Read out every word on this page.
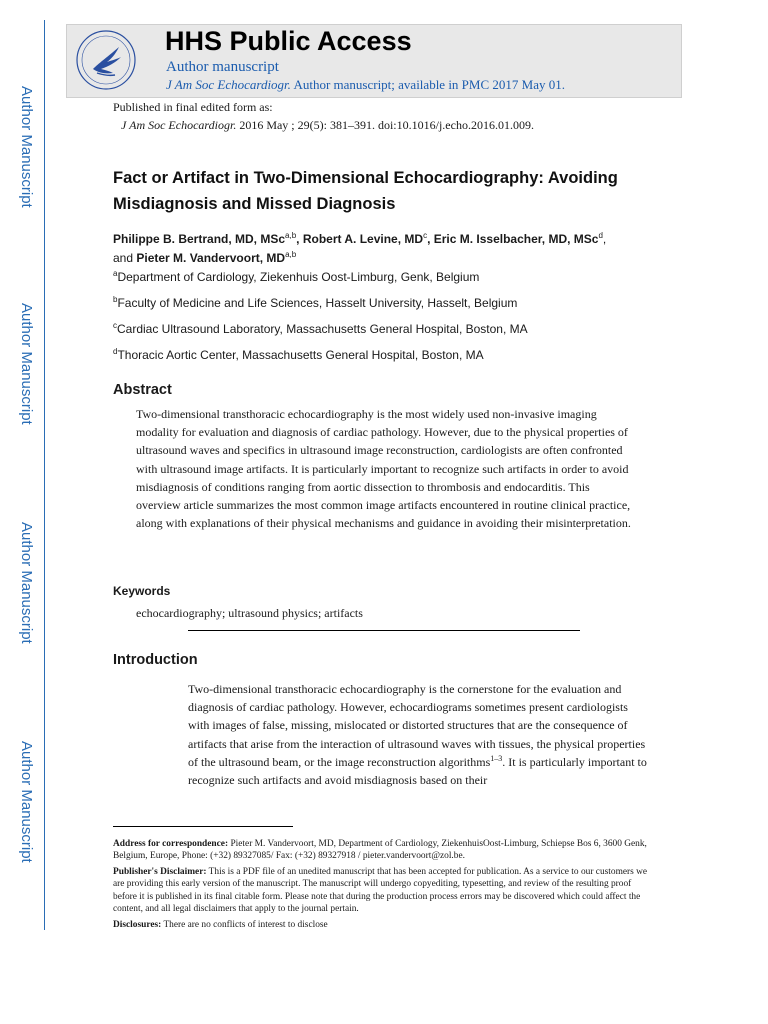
Author Manuscript
Author Manuscript
Author Manuscript
Author Manuscript
HHS Public Access
Author manuscript
J Am Soc Echocardiogr. Author manuscript; available in PMC 2017 May 01.
Published in final edited form as:
J Am Soc Echocardiogr. 2016 May ; 29(5): 381–391. doi:10.1016/j.echo.2016.01.009.
Fact or Artifact in Two-Dimensional Echocardiography: Avoiding Misdiagnosis and Missed Diagnosis
Philippe B. Bertrand, MD, MSc$^{a,b}$, Robert A. Levine, $MD^c$, Eric M. Isselbacher, MD, MSc$^d$,
and Pieter M. Vandervoort, MD$^{a,b}$
$^a$Department of Cardiology, Ziekenhuis Oost-Limburg, Genk, Belgium
$^b$Faculty of Medicine and Life Sciences, Hasselt University, Hasselt, Belgium
$^c$Cardiac Ultrasound Laboratory, Massachusetts General Hospital, Boston, MA
$^d$Thoracic Aortic Center, Massachusetts General Hospital, Boston, MA
Abstract
Two-dimensional transthoracic echocardiography is the most widely used non-invasive imaging modality for evaluation and diagnosis of cardiac pathology. However, due to the physical properties of ultrasound waves and specifics in ultrasound image reconstruction, cardiologists are often confronted with ultrasound image artifacts. It is particularly important to recognize such artifacts in order to avoid misdiagnosis of conditions ranging from aortic dissection to thrombosis and endocarditis. This overview article summarizes the most common image artifacts encountered in routine clinical practice, along with explanations of their physical mechanisms and guidance in avoiding their misinterpretation.
Keywords
echocardiography; ultrasound physics; artifacts
Introduction
Two-dimensional transthoracic echocardiography is the cornerstone for the evaluation and diagnosis of cardiac pathology. However, echocardiograms sometimes present cardiologists with images of false, missing, mislocated or distorted structures that are the consequence of artifacts that arise from the interaction of ultrasound waves with tissues, the physical properties of the ultrasound beam, or the image reconstruction algorithms$^{1-3}$. It is particularly important to recognize such artifacts and avoid misdiagnosis based on their
Address for correspondence: Pieter M. Vandervoort, MD, Department of Cardiology, ZiekenhuisOost-Limburg, Schiepse Bos 6, 3600 Genk, Belgium, Europe, Phone: (+32) 89327085/ Fax: (+32) 89327918 / pieter.vandervoort@zol.be.
Publisher's Disclaimer: This is a PDF file of an unedited manuscript that has been accepted for publication. As a service to our customers we are providing this early version of the manuscript. The manuscript will undergo copyediting, typesetting, and review of the resulting proof before it is published in its final citable form. Please note that during the production process errors may be discovered which could affect the content, and all legal disclaimers that apply to the journal pertain.
Disclosures: There are no conflicts of interest to disclose
